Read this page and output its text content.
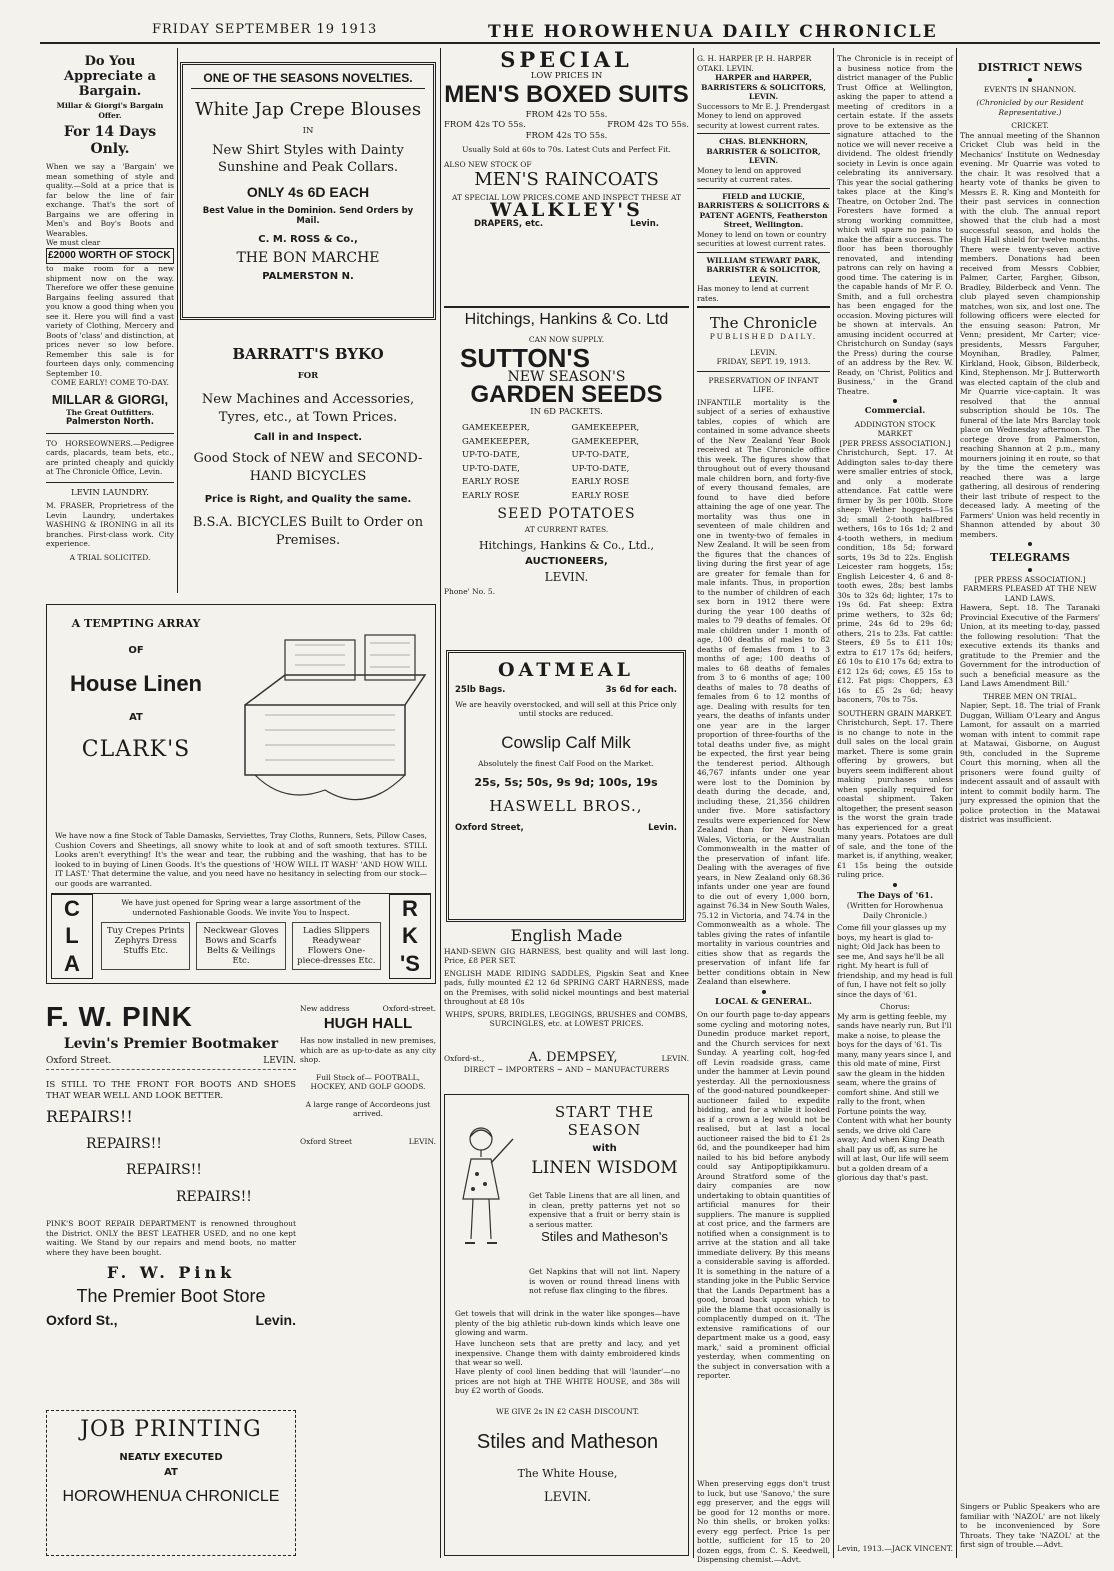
FRIDAY SEPTEMBER 19 1913	THE HOROWHENUA DAILY CHRONICLE
Do You Appreciate a Bargain.
Millar & Giorgi's Bargain Offer.
For 14 Days Only.
When we say a 'Bargain' we mean something of style and quality.—Sold at a price that is far below the line of fair exchange. That's the sort of Bargains we are offering in Men's and Boy's Boots and Wearables.
We must clear
£2000 WORTH OF STOCK
to make room for a new shipment now on the way. Therefore we offer these genuine Bargains feeling assured that you know a good thing when you see it. Here you will find a vast variety of Clothing, Mercery and Boots of 'class' and distinction, at prices never so low before. Remember this sale is for fourteen days only, commencing September 10.
COME EARLY! COME TO-DAY.
MILLAR & GIORGI,
The Great Outfitters.
Palmerston North.
TO HORSEOWNERS.—Pedigree cards, placards, team bets, etc., are printed cheaply and quickly at The Chronicle Office, Levin.
LEVIN LAUNDRY.
M. FRASER, Proprietress of the Levin Laundry, undertakes WASHING & IRONING in all its branches. First-class work. City experience.
A TRIAL SOLICITED.
ONE OF THE SEASONS NOVELTIES.
White Jap Crepe Blouses
IN
New Shirt Styles with Dainty Sunshine and Peak Collars.
ONLY 4s 6D EACH
Best Value in the Dominion. Send Orders by Mail.
C. M. ROSS & Co.,
THE BON MARCHE
PALMERSTON N.
BARRATT'S BYKO
FOR
New Machines and Accessories, Tyres, etc., at Town Prices.
Call in and Inspect.
Good Stock of NEW and SECOND-HAND BICYCLES
Price is Right, and Quality the same.
B.S.A. BICYCLES Built to Order on Premises.
A TEMPTING ARRAY
OF
House Linen
AT
CLARK'S
We have now a fine Stock of Table Damasks, Serviettes, Tray Cloths, Runners, Sets, Pillow Cases, Cushion Covers and Sheetings, all snowy white to look at and of soft smooth textures. STILL Looks aren't everything! It's the wear and tear, the rubbing and the washing, that has to be looked to in buying of Linen Goods. It's the questions of 'HOW WILL IT WASH' 'AND HOW WILL IT LAST.' That determine the value, and you need have no hesitancy in selecting from our stock—our goods are warranted.
C
L
A
We have just opened for Spring wear a large assortment of the undernoted Fashionable Goods. We invite You to Inspect.
Tuy Crepes Prints Zephyrs Dress Stuffs Etc.
Neckwear Gloves Bows and Scarfs Belts & Veilings Etc.
Ladies Slippers Readywear Flowers One-piece-dresses Etc.
R
K
'S
F. W. PINK
Levin's Premier Bootmaker
Oxford Street.	LEVIN.
IS STILL TO THE FRONT FOR BOOTS AND SHOES THAT WEAR WELL AND LOOK BETTER.
REPAIRS!!
REPAIRS!!
REPAIRS!!
REPAIRS!!
PINK'S BOOT REPAIR DEPARTMENT is renowned throughout the District. ONLY the BEST LEATHER USED, and no one kept waiting. We Stand by our repairs and mend boots, no matter where they have been bought.
F. W. Pink
The Premier Boot Store
Oxford St.,	Levin.
New address	Oxford-street.
HUGH HALL
Has now installed in new premises, which are as up-to-date as any city shop.
Full Stock of— FOOTBALL, HOCKEY, AND GOLF GOODS.
A large range of Accordeons just arrived.
Oxford Street	LEVIN.
JOB PRINTING
NEATLY EXECUTED
AT
HOROWHENUA CHRONICLE
SPECIAL
LOW PRICES IN
MEN'S BOXED SUITS
FROM 42s TO 55s.
FROM 42s TO 55s.	FROM 42s TO 55s.
FROM 42s TO 55s.
Usually Sold at 60s to 70s. Latest Cuts and Perfect Fit.
ALSO NEW STOCK OF
MEN'S RAINCOATS
AT SPECIAL LOW PRICES.COME AND INSPECT THESE AT
WALKLEY'S
DRAPERS, etc.	Levin.
Hitchings, Hankins & Co. Ltd
CAN NOW SUPPLY.
SUTTON'S
NEW SEASON'S
GARDEN SEEDS
IN 6D PACKETS.
GAMEKEEPER,	GAMEKEEPER,
GAMEKEEPER,	GAMEKEEPER,
UP-TO-DATE,	UP-TO-DATE,
UP-TO-DATE,	UP-TO-DATE,
EARLY ROSE	EARLY ROSE
EARLY ROSE	EARLY ROSE
SEED POTATOES
AT CURRENT RATES.
Hitchings, Hankins & Co., Ltd.,
AUCTIONEERS,
LEVIN.
Phone' No. 5.
OATMEAL
25lb Bags.	3s 6d for each.
We are heavily overstocked, and will sell at this Price only until stocks are reduced.
Cowslip Calf Milk
Absolutely the finest Calf Food on the Market.
25s, 5s; 50s, 9s 9d; 100s, 19s
HASWELL BROS.,
Oxford Street,	Levin.
English Made
HAND-SEWN GIG HARNESS, best quality and will last long. Price, £8 PER SET.
ENGLISH MADE RIDING SADDLES, Pigskin Seat and Knee pads, fully mounted £2 12 6d SPRING CART HARNESS, made on the Premises, with solid nickel mountings and best material throughout at £8 10s
WHIPS, SPURS, BRIDLES, LEGGINGS, BRUSHES and COMBS, SURCINGLES, etc. at LOWEST PRICES.
Oxford-st.,	A. DEMPSEY,	LEVIN.
DIRECT ~ IMPORTERS ~ AND ~ MANUFACTURERS
START THE SEASON
with
LINEN WISDOM
Get Table Linens that are all linen, and in clean, pretty patterns yet not so expensive that a fruit or berry stain is a serious matter.
Stiles and Matheson's
Get Napkins that will not lint. Napery is woven or round thread linens with not refuse flax clinging to the fibres.
Get towels that will drink in the water like sponges—have plenty of the big athletic rub-down kinds which leave one glowing and warm.
Have luncheon sets that are pretty and lacy, and yet inexpensive. Change them with dainty embroidered kinds that wear so well.
Have plenty of cool linen bedding that will 'launder'—no prices are not high at THE WHITE HOUSE, and 38s will buy £2 worth of Goods.
WE GIVE 2s IN £2 CASH DISCOUNT.
Stiles and Matheson
The White House,
LEVIN.
G. H. HARPER [P. H. HARPER OTAKI. LEVIN.
HARPER and HARPER, BARRISTERS & SOLICITORS, LEVIN.
Successors to Mr E. J. Prendergast
Money to lend on approved security at lowest current rates.
CHAS. BLENKHORN, BARRISTER & SOLICITOR, LEVIN.
Money to lend on approved security at current rates.
FIELD and LUCKIE, BARRISTERS & SOLICITORS & PATENT AGENTS, Featherston Street, Wellington.
Money to lend on town or country securities at lowest current rates.
WILLIAM STEWART PARK, BARRISTER & SOLICITOR, LEVIN.
Has money to lend at current rates.
The Chronicle
PUBLISHED DAILY.
LEVIN.
FRIDAY, SEPT. 19, 1913.
PRESERVATION OF INFANT LIFE.
INFANTILE mortality is the subject of a series of exhaustive tables, copies of which are contained in some advance sheets of the New Zealand Year Book received at The Chronicle office this week. The figures show that throughout out of every thousand male children born, and forty-five of every thousand females, are found to have died before attaining the age of one year. The mortality was thus one in seventeen of male children and one in twenty-two of females in New Zealand. It will be seen from the figures that the chances of living during the first year of age are greater for female than for male infants. Thus, in proportion to the number of children of each sex born in 1912 there were during the year 100 deaths of males to 79 deaths of females. Of male children under 1 month of age, 100 deaths of males to 82 deaths of females from 1 to 3 months of age; 100 deaths of males to 68 deaths of females from 3 to 6 months of age; 100 deaths of males to 78 deaths of females from 6 to 12 months of age. Dealing with results for ten years, the deaths of infants under one year are in the larger proportion of three-fourths of the total deaths under five, as might be expected, the first year being the tenderest period. Although 46,767 infants under one year were lost to the Dominion by death during the decade, and, including these, 21,356 children under five. More satisfactory results were experienced for New Zealand than for New South Wales, Victoria, or the Australian Commonwealth in the matter of the preservation of infant life. Dealing with the averages of five years, in New Zealand only 68.36 infants under one year are found to die out of every 1,000 born, against 76.34 in New South Wales, 75.12 in Victoria, and 74.74 in the Commonwealth as a whole. The tables giving the rates of infantile mortality in various countries and cities show that as regards the preservation of infant life far better conditions obtain in New Zealand than elsewhere.
LOCAL & GENERAL.
On our fourth page to-day appears some cycling and motoring notes, Dunedin produce market report, and the Church services for next Sunday. A yearling colt, hog-fed off Levin roadside grass, came under the hammer at Levin pound yesterday. All the pernoxiousness of the good-natured poundkeeper-auctioneer failed to expedite bidding, and for a while it looked as if a crown a leg would not be realised, but at last a local auctioneer raised the bid to £1 2s 6d, and the poundkeeper had him nailed to his bid before anybody could say Antipoptipikkamuru. Around Stratford some of the dairy companies are now undertaking to obtain quantities of artificial manures for their suppliers. The manure is supplied at cost price, and the farmers are notified when a consignment is to arrive at the station and all take immediate delivery. By this means a considerable saving is afforded. It is something in the nature of a standing joke in the Public Service that the Lands Department has a good, broad back upon which to pile the blame that occasionally is complacently dumped on it. 'The extensive ramifications of our department make us a good, easy mark,' said a prominent official yesterday, when commenting on the subject in conversation with a reporter.
When preserving eggs don't trust to luck, but use 'Sanovo,' the sure egg preserver, and the eggs will be good for 12 months or more. No thin shells, or broken yolks: every egg perfect. Price 1s per bottle, sufficient for 15 to 20 dozen eggs, from C. S. Keedwell, Dispensing chemist.—Advt.
The Chronicle is in receipt of a business notice from the district manager of the Public Trust Office at Wellington, asking the paper to attend a meeting of creditors in a certain estate. If the assets prove to be extensive as the signature attached to the notice we will never receive a dividend. The oldest friendly society in Levin is once again celebrating its anniversary. This year the social gathering takes place at the King's Theatre, on October 2nd. The Foresters have formed a strong working committee, which will spare no pains to make the affair a success. The floor has been thoroughly renovated, and intending patrons can rely on having a good time. The catering is in the capable hands of Mr F. O. Smith, and a full orchestra has been engaged for the occasion. Moving pictures will be shown at intervals. An amusing incident occurred at Christchurch on Sunday (says the Press) during the course of an address by the Rev. W. Ready, on 'Christ, Politics and Business,' in the Grand Theatre.
Commercial.
ADDINGTON STOCK MARKET
[PER PRESS ASSOCIATION.]
Christchurch, Sept. 17. At Addington sales to-day there were smaller entries of stock, and only a moderate attendance. Fat cattle were firmer by 3s per 100lb. Store sheep: Wether hoggets—15s 3d; small 2-tooth halfbred wethers, 16s to 16s 1d; 2 and 4-tooth wethers, in medium condition, 18s 5d; forward sorts, 19s 3d to 22s. English Leicester ram hoggets, 15s; English Leicester 4, 6 and 8-tooth ewes, 28s; best lambs 30s to 32s 6d; lighter, 17s to 19s 6d. Fat sheep: Extra prime wethers, to 32s 6d; prime, 24s 6d to 29s 6d; others, 21s to 23s. Fat cattle: Steers, £9 5s to £11 10s; extra to £17 17s 6d; heifers, £6 10s to £10 17s 6d; extra to £12 12s 6d; cows, £5 15s to £12. Fat pigs: Choppers, £3 16s to £5 2s 6d; heavy baconers, 70s to 75s.
SOUTHERN GRAIN MARKET.
Christchurch, Sept. 17. There is no change to note in the dull sales on the local grain market. There is some grain offering by growers, but buyers seem indifferent about making purchases unless when specially required for coastal shipment. Taken altogether, the present season is the worst the grain trade has experienced for a great many years. Potatoes are dull of sale, and the tone of the market is, if anything, weaker, £1 15s being the outside ruling price.
The Days of '61.
(Written for Horowhenua Daily Chronicle.)
Come fill your glasses up my boys, my heart is glad to-night; Old Jack has been to see me, And says he'll be all right. My heart is full of friendship, and my head is full of fun, I have not felt so jolly since the days of '61.
Chorus:
My arm is getting feeble, my sands have nearly run, But I'll make a noise, to please the boys for the days of '61. Tis many, many years since I, and this old mate of mine, First saw the gleam in the hidden seam, where the grains of comfort shine. And still we rally to the front, when Fortune points the way, Content with what her bounty sends, we drive old Care away; And when King Death shall pay us off, as sure he will at last, Our life will seem but a golden dream of a glorious day that's past.
Levin, 1913. —JACK VINCENT.
DISTRICT NEWS
EVENTS IN SHANNON.
(Chronicled by our Resident Representative.)
CRICKET.
The annual meeting of the Shannon Cricket Club was held in the Mechanics' Institute on Wednesday evening. Mr Quarrie was voted to the chair. It was resolved that a hearty vote of thanks be given to Messrs E. R. King and Monteith for their past services in connection with the club. The annual report showed that the club had a most successful season, and holds the Hugh Hall shield for twelve months. There were twenty-seven active members. Donations had been received from Messrs Cobbier, Palmer, Carter, Fargher, Gibson, Bradley, Bilderbeck and Venn. The club played seven championship matches, won six, and lost one. The following officers were elected for the ensuing season: Patron, Mr Venn; president, Mr Carter; vice-presidents, Messrs Farguher, Moynihan, Bradley, Palmer, Kirkland, Hook, Gibson, Bilderbeck, Kind, Stephenson. Mr J. Butterworth was elected captain of the club and Mr Quarrie vice-captain. It was resolved that the annual subscription should be 10s. The funeral of the late Mrs Barclay took place on Wednesday afternoon. The cortege drove from Palmerston, reaching Shannon at 2 p.m., many mourners joining it en route, so that by the time the cemetery was reached there was a large gathering, all desirous of rendering their last tribute of respect to the deceased lady. A meeting of the Farmers' Union was held recently in Shannon attended by about 30 members.
TELEGRAMS
[PER PRESS ASSOCIATION.]
FARMERS PLEASED AT THE NEW LAND LAWS.
Hawera, Sept. 18. The Taranaki Provincial Executive of the Farmers' Union, at its meeting to-day, passed the following resolution: 'That the executive extends its thanks and gratitude to the Premier and the Government for the introduction of such a beneficial measure as the Land Laws Amendment Bill.'
THREE MEN ON TRIAL.
Napier, Sept. 18. The trial of Frank Duggan, William O'Leary and Angus Lamont, for assault on a married woman with intent to commit rape at Matawai, Gisborne, on August 9th, concluded in the Supreme Court this morning, when all the prisoners were found guilty of indecent assault and of assault with intent to commit bodily harm. The jury expressed the opinion that the police protection in the Matawai district was insufficient.
Singers or Public Speakers who are familiar with 'NAZOL' are not likely to be inconvenienced by Sore Throats. They take 'NAZOL' at the first sign of trouble.—Advt.
